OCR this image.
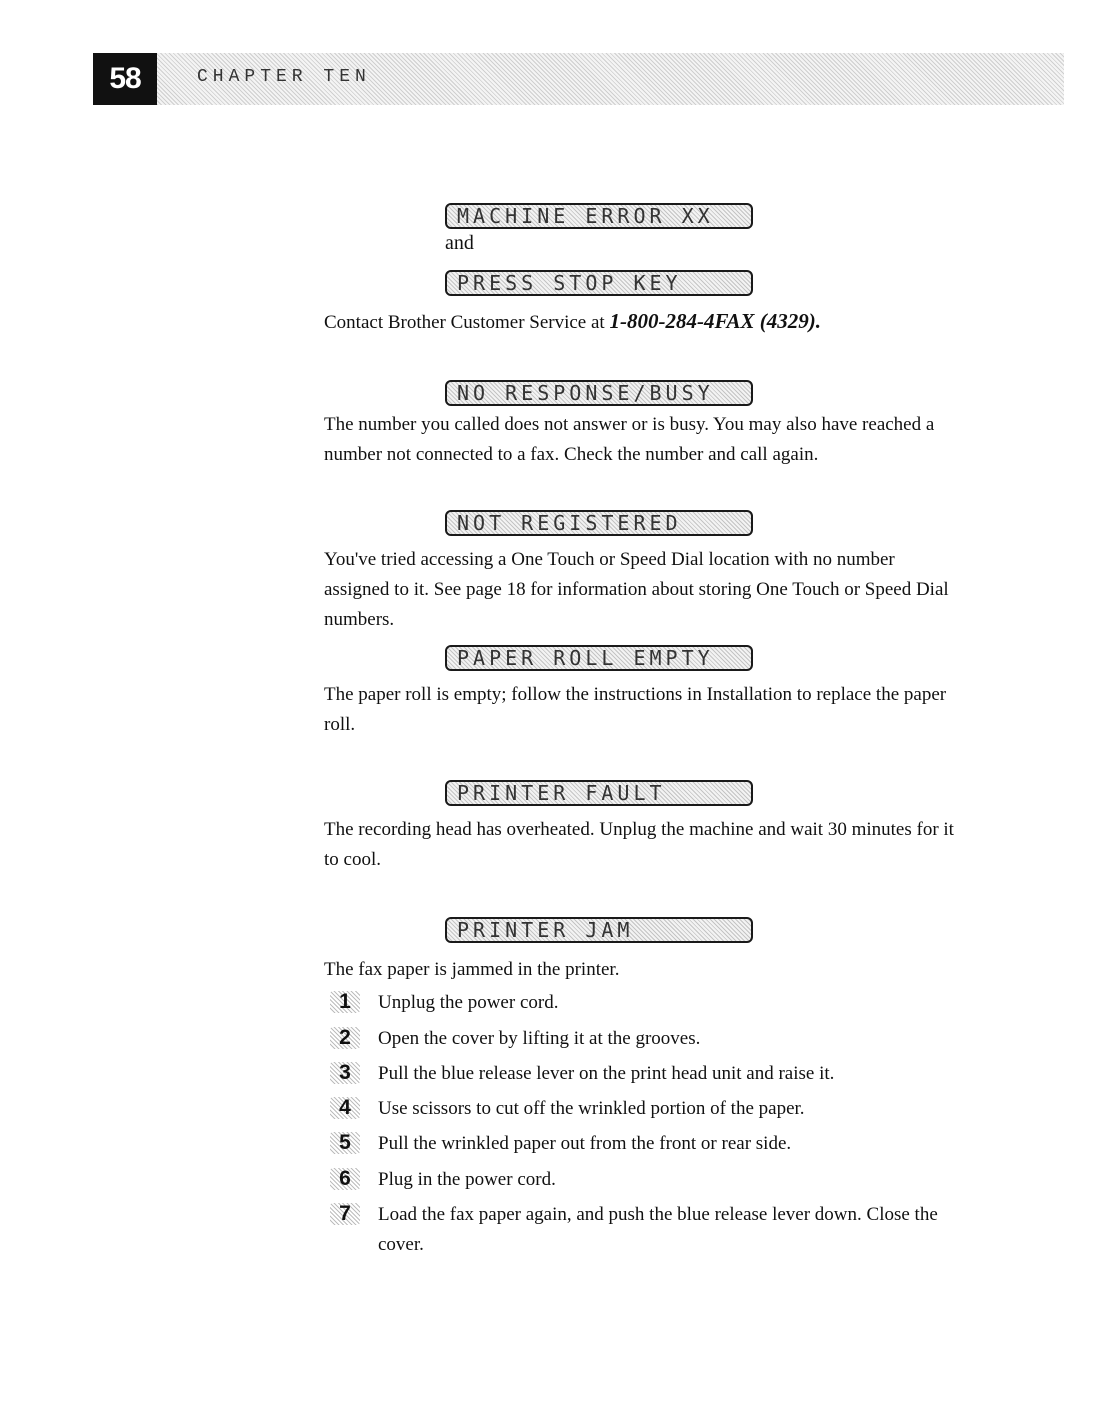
58	CHAPTER TEN
MACHINE ERROR XX
and
PRESS STOP KEY

Contact Brother Customer Service at 1-800-284-4FAX (4329).

NO RESPONSE/BUSY

The number you called does not answer or is busy. You may also have reached a number not connected to a fax. Check the number and call again.

NOT REGISTERED

You've tried accessing a One Touch or Speed Dial location with no number assigned to it. See page 18 for information about storing One Touch or Speed Dial numbers.

PAPER ROLL EMPTY

The paper roll is empty; follow the instructions in Installation to replace the paper roll.

PRINTER FAULT

The recording head has overheated. Unplug the machine and wait 30 minutes for it to cool.

PRINTER JAM

The fax paper is jammed in the printer.

1	Unplug the power cord.
2	Open the cover by lifting it at the grooves.
3	Pull the blue release lever on the print head unit and raise it.
4	Use scissors to cut off the wrinkled portion of the paper.
5	Pull the wrinkled paper out from the front or rear side.
6	Plug in the power cord.
7	Load the fax paper again, and push the blue release lever down. Close the cover.
